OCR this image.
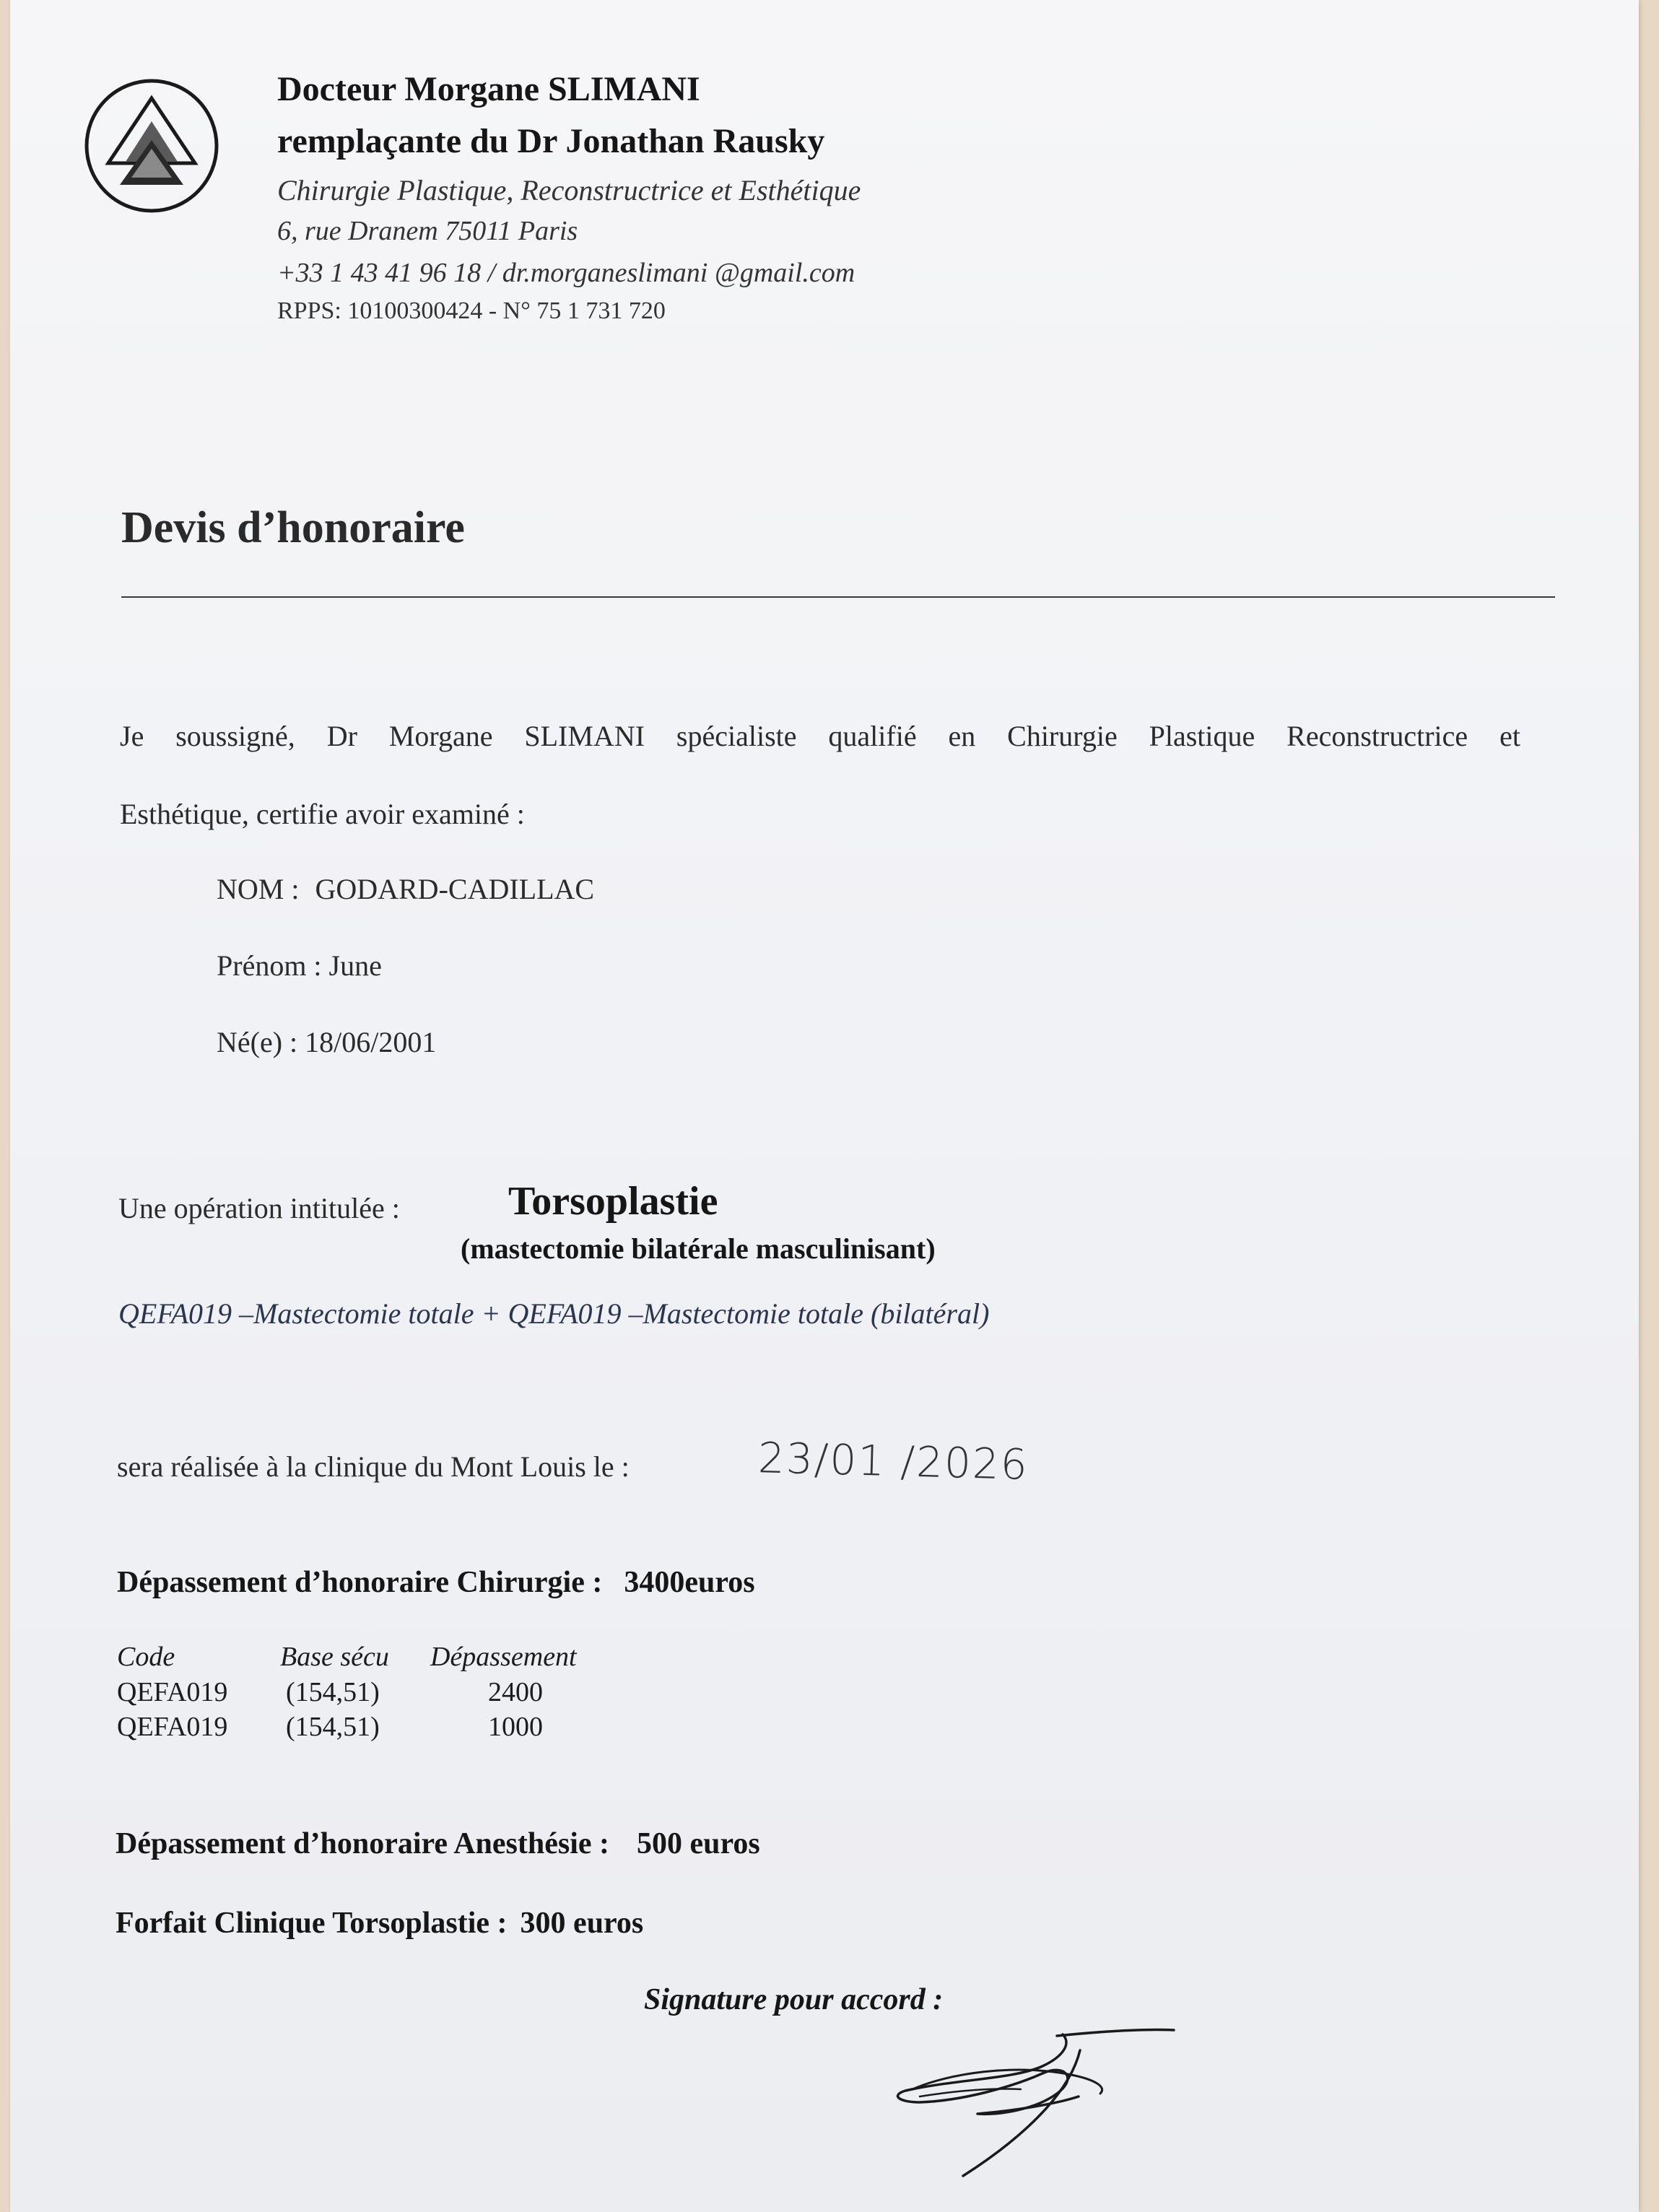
Docteur Morgane SLIMANI
remplaçante du Dr Jonathan Rausky
Chirurgie Plastique, Reconstructrice et Esthétique
6, rue Dranem 75011 Paris
+33 1 43 41 96 18 / dr.morganeslimani @gmail.com
RPPS: 10100300424 - N° 75 1 731 720
Devis d’honoraire
Je soussigné, Dr Morgane SLIMANI spécialiste qualifié en Chirurgie Plastique Reconstructrice et
Esthétique, certifie avoir examiné :
NOM : GODARD-CADILLAC
Prénom : June
Né(e) : 18/06/2001
Une opération intitulée :	Torsoplastie
(mastectomie bilatérale masculinisant)
QEFA019 –Mastectomie totale + QEFA019 –Mastectomie totale (bilatéral)
sera réalisée à la clinique du Mont Louis le :	23/01 /2026
Dépassement d’honoraire Chirurgie : 3400euros
Code	Base sécu	Dépassement
QEFA019	(154,51)	2400
QEFA019	(154,51)	1000
Dépassement d’honoraire Anesthésie : 500 euros
Forfait Clinique Torsoplastie : 300 euros
Signature pour accord :
